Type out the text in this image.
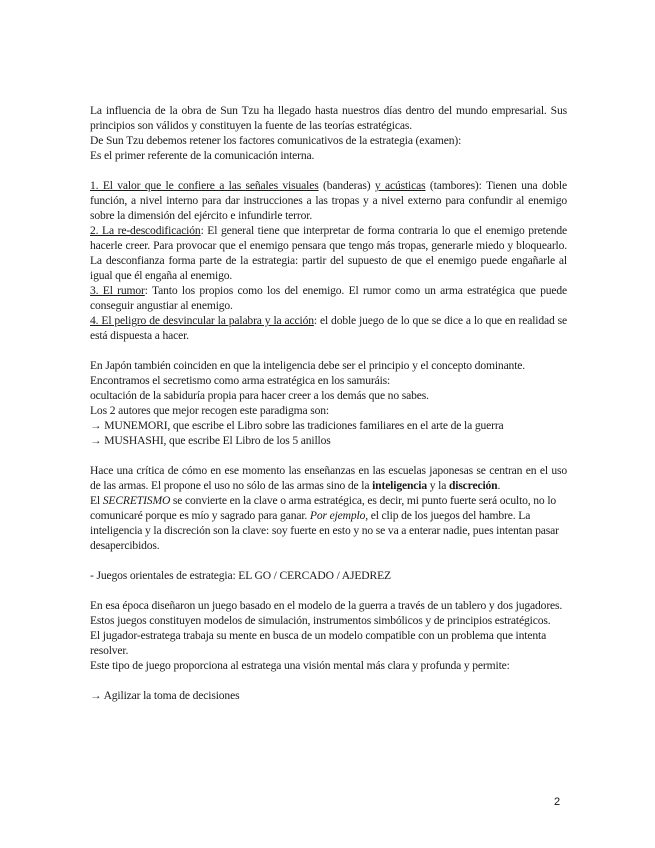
La influencia de la obra de Sun Tzu ha llegado hasta nuestros días dentro del mundo empresarial. Sus principios son válidos y constituyen la fuente de las teorías estratégicas.

De Sun Tzu debemos retener los factores comunicativos de la estrategia (examen):

Es el primer referente de la comunicación interna.

1. El valor que le confiere a las señales visuales (banderas) y acústicas (tambores): Tienen una doble función, a nivel interno para dar instrucciones a las tropas y a nivel externo para confundir al enemigo sobre la dimensión del ejército e infundirle terror.

2. La re-descodificación: El general tiene que interpretar de forma contraria lo que el enemigo pretende hacerle creer. Para provocar que el enemigo pensara que tengo más tropas, generarle miedo y bloquearlo. La desconfianza forma parte de la estrategia: partir del supuesto de que el enemigo puede engañarle al igual que él engaña al enemigo.

3. El rumor: Tanto los propios como los del enemigo. El rumor como un arma estratégica que puede conseguir angustiar al enemigo.

4. El peligro de desvincular la palabra y la acción: el doble juego de lo que se dice a lo que en realidad se está dispuesta a hacer.

En Japón también coinciden en que la inteligencia debe ser el principio y el concepto dominante.

Encontramos el secretismo como arma estratégica en los samuráis:

ocultación de la sabiduría propia para hacer creer a los demás que no sabes.

Los 2 autores que mejor recogen este paradigma son:

→ MUNEMORI, que escribe el Libro sobre las tradiciones familiares en el arte de la guerra

→ MUSHASHI, que escribe El Libro de los 5 anillos

Hace una crítica de cómo en ese momento las enseñanzas en las escuelas japonesas se centran en el uso de las armas. El propone el uso no sólo de las armas sino de la inteligencia y la discreción.

El SECRETISMO se convierte en la clave o arma estratégica, es decir, mi punto fuerte será oculto, no lo comunicaré porque es mío y sagrado para ganar. Por ejemplo, el clip de los juegos del hambre. La inteligencia y la discreción son la clave: soy fuerte en esto y no se va a enterar nadie, pues intentan pasar desapercibidos.

- Juegos orientales de estrategia: EL GO / CERCADO / AJEDREZ

En esa época diseñaron un juego basado en el modelo de la guerra a través de un tablero y dos jugadores.

Estos juegos constituyen modelos de simulación, instrumentos simbólicos y de principios estratégicos.

El jugador-estratega trabaja su mente en busca de un modelo compatible con un problema que intenta resolver.

Este tipo de juego proporciona al estratega una visión mental más clara y profunda y permite:

→ Agilizar la toma de decisiones

2
